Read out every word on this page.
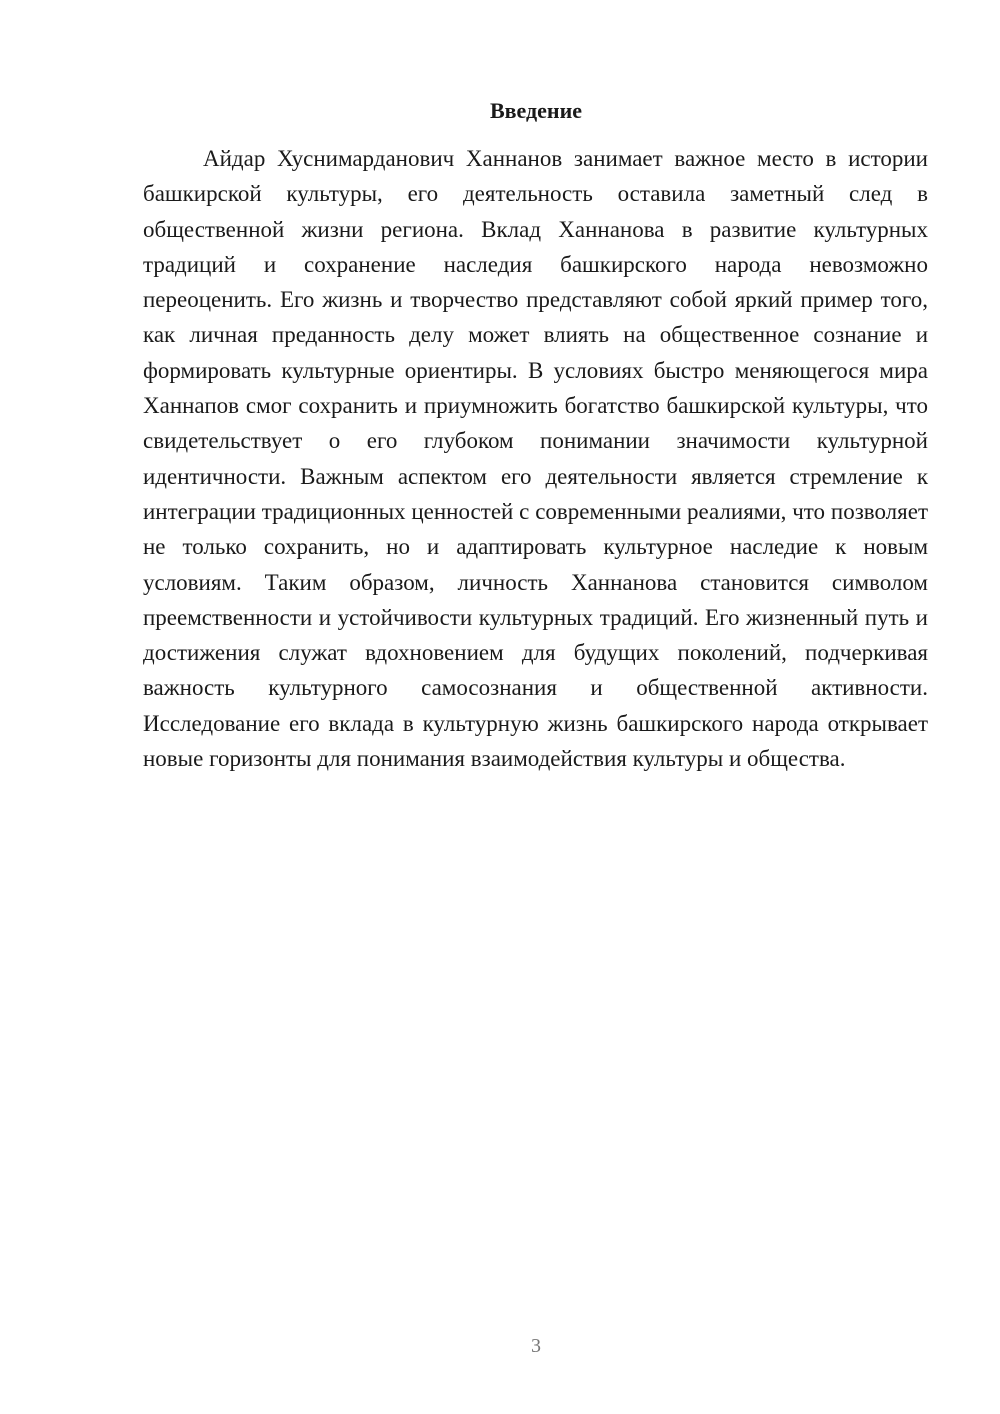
Введение

Айдар Хуснимарданович Ханнанов занимает важное место в истории башкирской культуры, его деятельность оставила заметный след в общественной жизни региона. Вклад Ханнанова в развитие культурных традиций и сохранение наследия башкирского народа невозможно переоценить. Его жизнь и творчество представляют собой яркий пример того, как личная преданность делу может влиять на общественное сознание и формировать культурные ориентиры. В условиях быстро меняющегося мира Ханнапов смог сохранить и приумножить богатство башкирской культуры, что свидетельствует о его глубоком понимании значимости культурной идентичности. Важным аспектом его деятельности является стремление к интеграции традиционных ценностей с современными реалиями, что позволяет не только сохранить, но и адаптировать культурное наследие к новым условиям. Таким образом, личность Ханнанова становится символом преемственности и устойчивости культурных традиций. Его жизненный путь и достижения служат вдохновением для будущих поколений, подчеркивая важность культурного самосознания и общественной активности. Исследование его вклада в культурную жизнь башкирского народа открывает новые горизонты для понимания взаимодействия культуры и общества.

3
